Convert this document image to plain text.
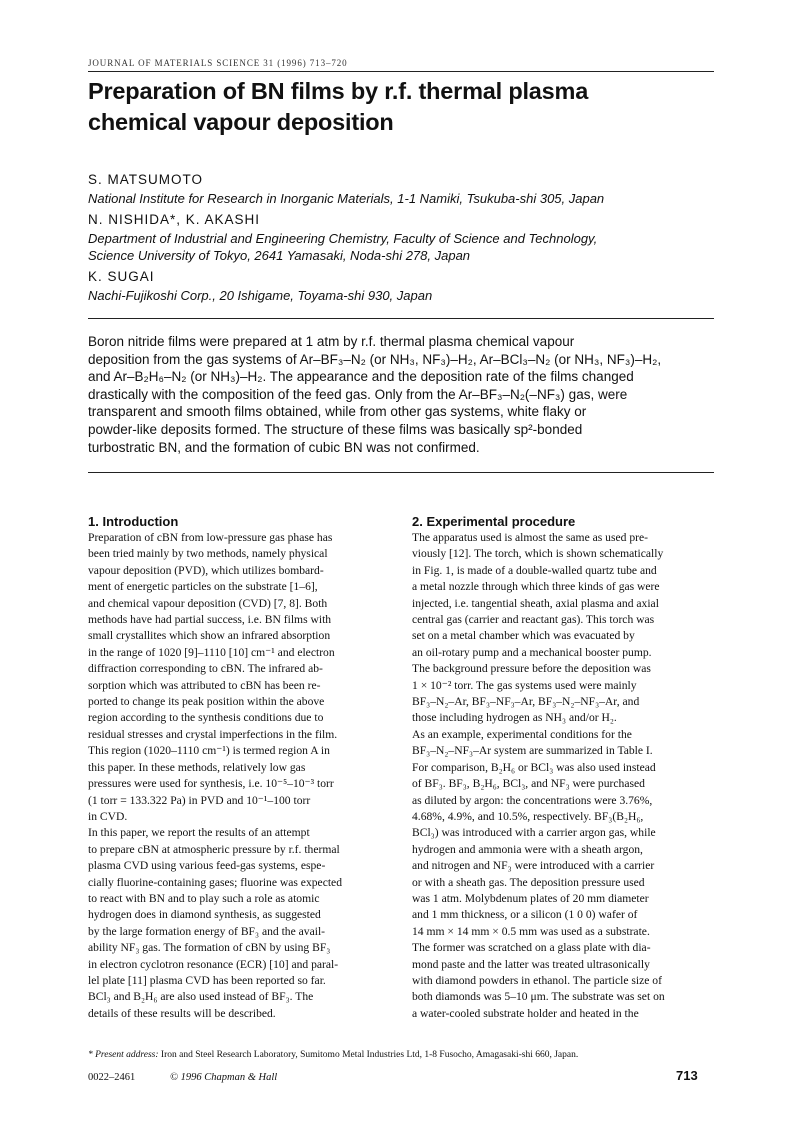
JOURNAL OF MATERIALS SCIENCE 31 (1996) 713–720
Preparation of BN films by r.f. thermal plasma
chemical vapour deposition
S. MATSUMOTO
National Institute for Research in Inorganic Materials, 1-1 Namiki, Tsukuba-shi 305, Japan
N. NISHIDA*, K. AKASHI
Department of Industrial and Engineering Chemistry, Faculty of Science and Technology,
Science University of Tokyo, 2641 Yamasaki, Noda-shi 278, Japan
K. SUGAI
Nachi-Fujikoshi Corp., 20 Ishigame, Toyama-shi 930, Japan

Boron nitride films were prepared at 1 atm by r.f. thermal plasma chemical vapour

deposition from the gas systems of Ar–BF₃–N₂ (or NH₃, NF₃)–H₂, Ar–BCl₃–N₂ (or NH₃, NF₃)–H₂,

and Ar–B₂H₆–N₂ (or NH₃)–H₂. The appearance and the deposition rate of the films changed

drastically with the composition of the feed gas. Only from the Ar–BF₃–N₂(–NF₃) gas, were

transparent and smooth films obtained, while from other gas systems, white flaky or

powder-like deposits formed. The structure of these films was basically sp²-bonded

turbostratic BN, and the formation of cubic BN was not confirmed.

1. Introduction

Preparation of cBN from low-pressure gas phase has

been tried mainly by two methods, namely physical

vapour deposition (PVD), which utilizes bombard-

ment of energetic particles on the substrate [1–6],

and chemical vapour deposition (CVD) [7, 8]. Both

methods have had partial success, i.e. BN films with

small crystallites which show an infrared absorption

in the range of 1020 [9]–1110 [10] cm⁻¹ and electron

diffraction corresponding to cBN. The infrared ab-

sorption which was attributed to cBN has been re-

ported to change its peak position within the above

region according to the synthesis conditions due to

residual stresses and crystal imperfections in the film.

This region (1020–1110 cm⁻¹) is termed region A in

this paper. In these methods, relatively low gas

pressures were used for synthesis, i.e. 10⁻⁵–10⁻³ torr

(1 torr = 133.322 Pa) in PVD and 10⁻¹–100 torr

in CVD.

In this paper, we report the results of an attempt

to prepare cBN at atmospheric pressure by r.f. thermal

plasma CVD using various feed-gas systems, espe-

cially fluorine-containing gases; fluorine was expected

to react with BN and to play such a role as atomic

hydrogen does in diamond synthesis, as suggested

by the large formation energy of BF₃ and the avail-

ability NF₃ gas. The formation of cBN by using BF₃

in electron cyclotron resonance (ECR) [10] and paral-

lel plate [11] plasma CVD has been reported so far.

BCl₃ and B₂H₆ are also used instead of BF₃. The

details of these results will be described.

2. Experimental procedure

The apparatus used is almost the same as used pre-

viously [12]. The torch, which is shown schematically

in Fig. 1, is made of a double-walled quartz tube and

a metal nozzle through which three kinds of gas were

injected, i.e. tangential sheath, axial plasma and axial

central gas (carrier and reactant gas). This torch was

set on a metal chamber which was evacuated by

an oil-rotary pump and a mechanical booster pump.

The background pressure before the deposition was

1 × 10⁻² torr. The gas systems used were mainly

BF₃–N₂–Ar, BF₃–NF₃–Ar, BF₃–N₂–NF₃–Ar, and

those including hydrogen as NH₃ and/or H₂.

As an example, experimental conditions for the

BF₃–N₂–NF₃–Ar system are summarized in Table I.

For comparison, B₂H₆ or BCl₃ was also used instead

of BF₃. BF₃, B₂H₆, BCl₃, and NF₃ were purchased

as diluted by argon: the concentrations were 3.76%,

4.68%, 4.9%, and 10.5%, respectively. BF₃(B₂H₆,

BCl₃) was introduced with a carrier argon gas, while

hydrogen and ammonia were with a sheath argon,

and nitrogen and NF₃ were introduced with a carrier

or with a sheath gas. The deposition pressure used

was 1 atm. Molybdenum plates of 20 mm diameter

and 1 mm thickness, or a silicon (1 0 0) wafer of

14 mm × 14 mm × 0.5 mm was used as a substrate.

The former was scratched on a glass plate with dia-

mond paste and the latter was treated ultrasonically

with diamond powders in ethanol. The particle size of

both diamonds was 5–10 μm. The substrate was set on

a water-cooled substrate holder and heated in the

* Present address: Iron and Steel Research Laboratory, Sumitomo Metal Industries Ltd, 1-8 Fusocho, Amagasaki-shi 660, Japan.
0022–2461	© 1996 Chapman & Hall	713
